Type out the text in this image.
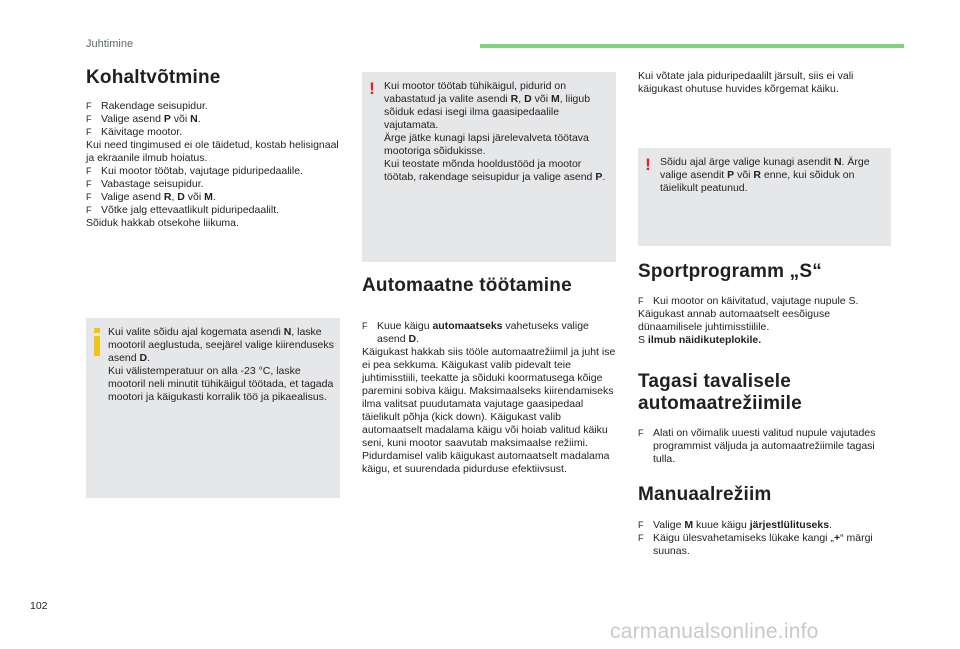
Juhtimine
Kohaltvõtmine
F Rakendage seisupidur.
F Valige asend P või N.
F Käivitage mootor.
Kui need tingimused ei ole täidetud, kostab helisignaal ja ekraanile ilmub hoiatus.
F Kui mootor töötab, vajutage piduripedaalile.
F Vabastage seisupidur.
F Valige asend R, D või M.
F Võtke jalg ettevaatlikult piduripedaalilt.
Sõiduk hakkab otsekohe liikuma.

Kui valite sõidu ajal kogemata asendi N, laske mootoril aeglustuda, seejärel valige kiirenduseks asend D.

Kui välistemperatuur on alla -23 °C, laske mootoril neli minutit tühikäigul töötada, et tagada mootori ja käigukasti korralik töö ja pikaealisus.

! Kui mootor töötab tühikäigul, pidurid on vabastatud ja valite asendi R, D või M, liigub sõiduk edasi isegi ilma gaasipedaalile vajutamata.

Ärge jätke kunagi lapsi järelevalveta töötava mootoriga sõidukisse.

Kui teostate mõnda hooldustööd ja mootor töötab, rakendage seisupidur ja valige asend P.

Automaatne töötamine
F Kuue käigu automaatseks vahetuseks valige asend D.
Käigukast hakkab siis tööle automaatrežiimil ja juht ise ei pea sekkuma. Käigukast valib pidevalt teie juhtimisstiili, teekatte ja sõiduki koormatusega kõige paremini sobiva käigu. Maksimaalseks kiirendamiseks ilma valitsat puudutamata vajutage gaasipedaal täielikult põhja (kick down). Käigukast valib automaatselt madalama käigu või hoiab valitud käiku seni, kuni mootor saavutab maksimaalse režiimi. Pidurdamisel valib käigukast automaatselt madalama käigu, et suurendada pidurduse efektiivsust.

Kui võtate jala piduripedaalilt järsult, siis ei vali käigukast ohutuse huvides kõrgemat käiku.

! Sõidu ajal ärge valige kunagi asendit N. Ärge valige asendit P või R enne, kui sõiduk on täielikult peatunud.

Sportprogramm „S“
F Kui mootor on käivitatud, vajutage nupule S.
Käigukast annab automaatselt eesõiguse dünaamilisele juhtimisstiilile.
S ilmub näidikuteplokile.
Tagasi tavalisele
automaatrežiimile
F Alati on võimalik uuesti valitud nupule vajutades programmist väljuda ja automaatrežiimile tagasi tulla.
Manuaalrežiim
F Valige M kuue käigu järjestlülituseks.
F Käigu ülesvahetamiseks lükake kangi „+“ märgi suunas.
102
carmanualsonline.info
